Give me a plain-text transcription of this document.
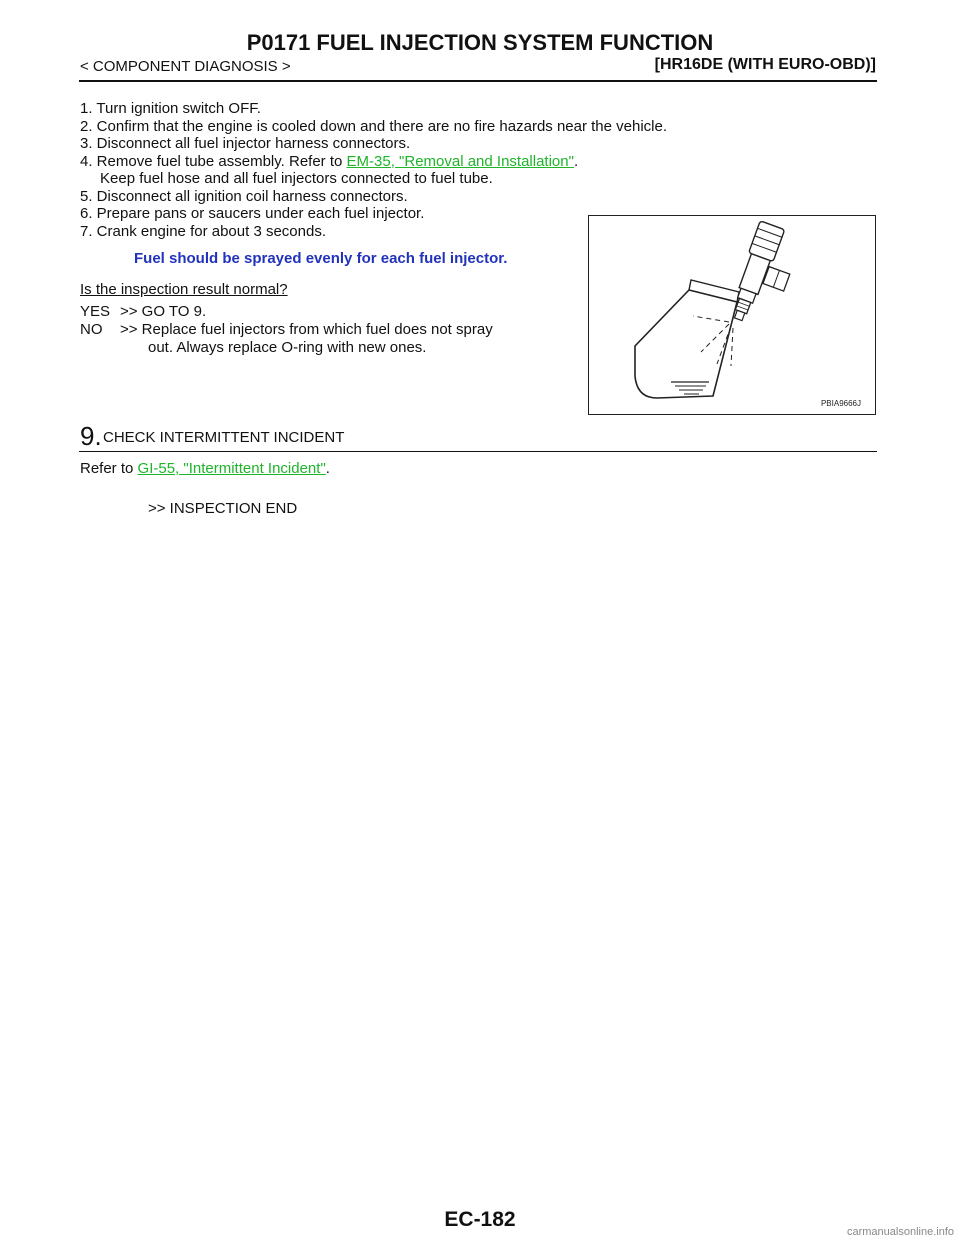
P0171 FUEL INJECTION SYSTEM FUNCTION
< COMPONENT DIAGNOSIS >	[HR16DE (WITH EURO-OBD)]
1. Turn ignition switch OFF.
2. Confirm that the engine is cooled down and there are no fire hazards near the vehicle.
3. Disconnect all fuel injector harness connectors.
4. Remove fuel tube assembly. Refer to EM-35, "Removal and Installation".
Keep fuel hose and all fuel injectors connected to fuel tube.
5. Disconnect all ignition coil harness connectors.
6. Prepare pans or saucers under each fuel injector.
7. Crank engine for about 3 seconds.
Fuel should be sprayed evenly for each fuel injector.
Is the inspection result normal?
YES >> GO TO 9.
NO >> Replace fuel injectors from which fuel does not spray
out. Always replace O-ring with new ones.
PBIA9666J
9. CHECK INTERMITTENT INCIDENT
Refer to GI-55, "Intermittent Incident".
>> INSPECTION END
EC-182
carmanualsonline.info
